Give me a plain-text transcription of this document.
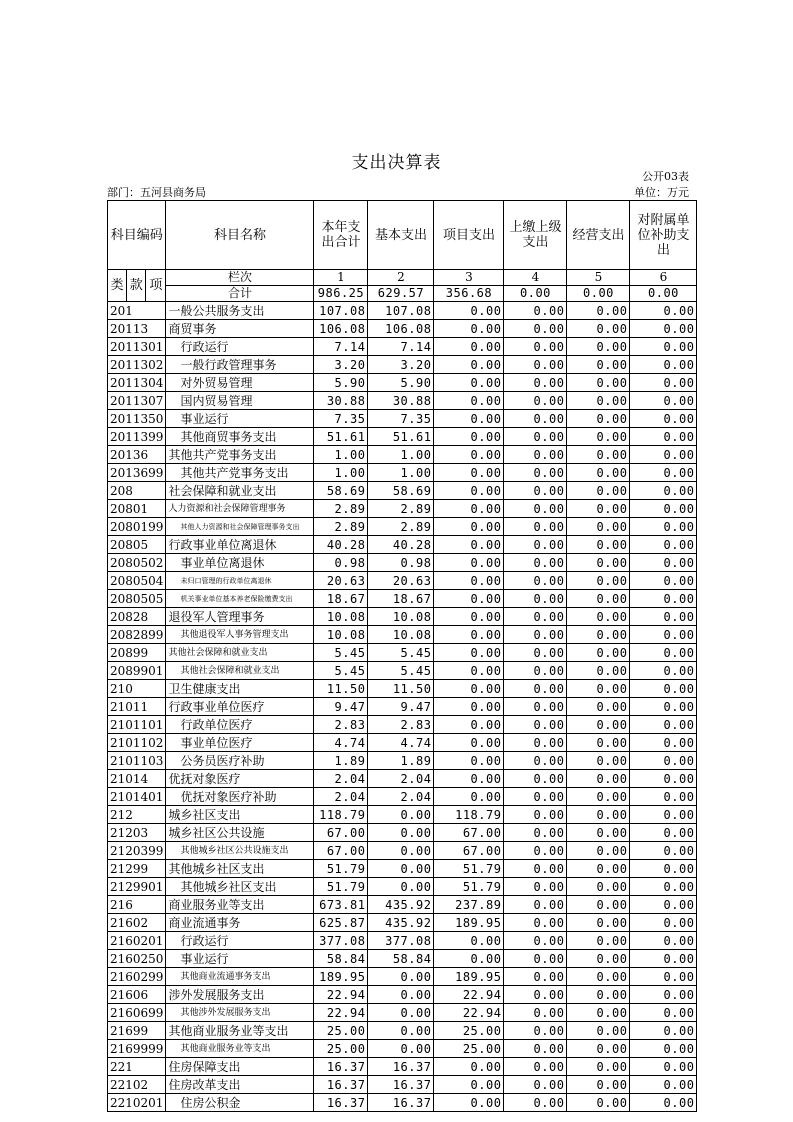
支出决算表
公开03表
部门：五河县商务局	单位：万元
科目编码			科目名称	本年支出合计	基本支出	项目支出	上缴上级支出	经营支出	对附属单位补助支出
类	款	项	栏次	1	2	3	4	5	6
			合计	986.25	629.57	356.68	0.00	0.00	0.00
201			一般公共服务支出	107.08	107.08	0.00	0.00	0.00	0.00
20113			商贸事务	106.08	106.08	0.00	0.00	0.00	0.00
2011301			行政运行	7.14	7.14	0.00	0.00	0.00	0.00
2011302			一般行政管理事务	3.20	3.20	0.00	0.00	0.00	0.00
2011304			对外贸易管理	5.90	5.90	0.00	0.00	0.00	0.00
2011307			国内贸易管理	30.88	30.88	0.00	0.00	0.00	0.00
2011350			事业运行	7.35	7.35	0.00	0.00	0.00	0.00
2011399			其他商贸事务支出	51.61	51.61	0.00	0.00	0.00	0.00
20136			其他共产党事务支出	1.00	1.00	0.00	0.00	0.00	0.00
2013699			其他共产党事务支出	1.00	1.00	0.00	0.00	0.00	0.00
208			社会保障和就业支出	58.69	58.69	0.00	0.00	0.00	0.00
20801			人力资源和社会保障管理事务	2.89	2.89	0.00	0.00	0.00	0.00
2080199			其他人力资源和社会保障管理事务支出	2.89	2.89	0.00	0.00	0.00	0.00
20805			行政事业单位离退休	40.28	40.28	0.00	0.00	0.00	0.00
2080502			事业单位离退休	0.98	0.98	0.00	0.00	0.00	0.00
2080504			未归口管理的行政单位离退休	20.63	20.63	0.00	0.00	0.00	0.00
2080505			机关事业单位基本养老保险缴费支出	18.67	18.67	0.00	0.00	0.00	0.00
20828			退役军人管理事务	10.08	10.08	0.00	0.00	0.00	0.00
2082899			其他退役军人事务管理支出	10.08	10.08	0.00	0.00	0.00	0.00
20899			其他社会保障和就业支出	5.45	5.45	0.00	0.00	0.00	0.00
2089901			其他社会保障和就业支出	5.45	5.45	0.00	0.00	0.00	0.00
210			卫生健康支出	11.50	11.50	0.00	0.00	0.00	0.00
21011			行政事业单位医疗	9.47	9.47	0.00	0.00	0.00	0.00
2101101			行政单位医疗	2.83	2.83	0.00	0.00	0.00	0.00
2101102			事业单位医疗	4.74	4.74	0.00	0.00	0.00	0.00
2101103			公务员医疗补助	1.89	1.89	0.00	0.00	0.00	0.00
21014			优抚对象医疗	2.04	2.04	0.00	0.00	0.00	0.00
2101401			优抚对象医疗补助	2.04	2.04	0.00	0.00	0.00	0.00
212			城乡社区支出	118.79	0.00	118.79	0.00	0.00	0.00
21203			城乡社区公共设施	67.00	0.00	67.00	0.00	0.00	0.00
2120399			其他城乡社区公共设施支出	67.00	0.00	67.00	0.00	0.00	0.00
21299			其他城乡社区支出	51.79	0.00	51.79	0.00	0.00	0.00
2129901			其他城乡社区支出	51.79	0.00	51.79	0.00	0.00	0.00
216			商业服务业等支出	673.81	435.92	237.89	0.00	0.00	0.00
21602			商业流通事务	625.87	435.92	189.95	0.00	0.00	0.00
2160201			行政运行	377.08	377.08	0.00	0.00	0.00	0.00
2160250			事业运行	58.84	58.84	0.00	0.00	0.00	0.00
2160299			其他商业流通事务支出	189.95	0.00	189.95	0.00	0.00	0.00
21606			涉外发展服务支出	22.94	0.00	22.94	0.00	0.00	0.00
2160699			其他涉外发展服务支出	22.94	0.00	22.94	0.00	0.00	0.00
21699			其他商业服务业等支出	25.00	0.00	25.00	0.00	0.00	0.00
2169999			其他商业服务业等支出	25.00	0.00	25.00	0.00	0.00	0.00
221			住房保障支出	16.37	16.37	0.00	0.00	0.00	0.00
22102			住房改革支出	16.37	16.37	0.00	0.00	0.00	0.00
2210201			住房公积金	16.37	16.37	0.00	0.00	0.00	0.00
